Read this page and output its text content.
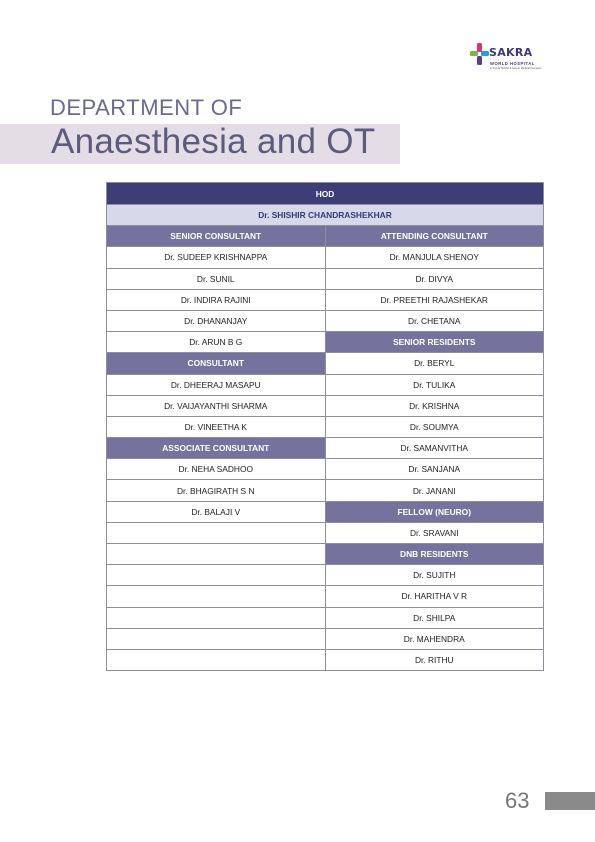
SAKRA
WORLD HOSPITAL
A Toyota Tsusho & Secom Medical Company
DEPARTMENT OF
Anaesthesia and OT
HOD	
Dr. SHISHIR CHANDRASHEKHAR	
SENIOR CONSULTANT	ATTENDING CONSULTANT
Dr. SUDEEP KRISHNAPPA	Dr. MANJULA SHENOY
Dr. SUNIL	Dr. DIVYA
Dr. INDIRA RAJINI	Dr. PREETHI RAJASHEKAR
Dr. DHANANJAY	Dr. CHETANA
Dr. ARUN B G	SENIOR RESIDENTS
CONSULTANT	Dr. BERYL
Dr. DHEERAJ MASAPU	Dr. TULIKA
Dr. VAIJAYANTHI SHARMA	Dr. KRISHNA
Dr. VINEETHA K	Dr. SOUMYA
ASSOCIATE CONSULTANT	Dr. SAMANVITHA
Dr. NEHA SADHOO	Dr. SANJANA
Dr. BHAGIRATH S N	Dr. JANANI
Dr. BALAJI V	FELLOW (NEURO)
	Dr. SRAVANI
	DNB RESIDENTS
	Dr. SUJITH
	Dr. HARITHA V R
	Dr. SHILPA
	Dr. MAHENDRA
	Dr. RITHU
63
